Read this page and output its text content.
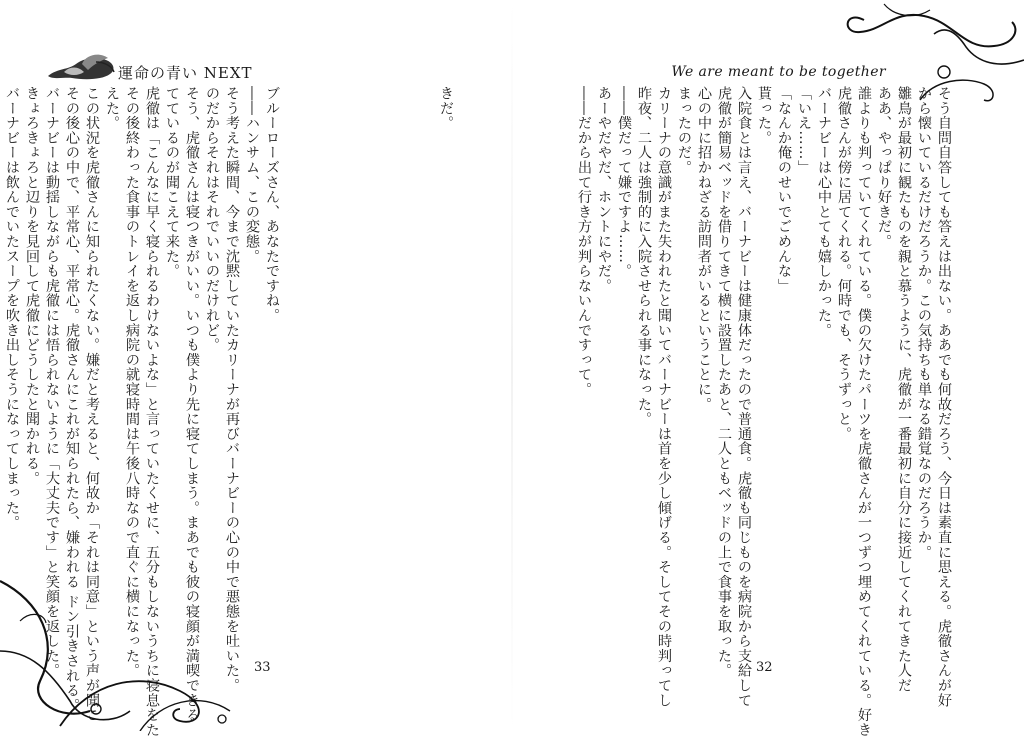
運命の青い NEXT
ブルーローズさん、あなたですね。
――ハンサム、この変態。
そう考えた瞬間、今まで沈黙していたカリーナが再びバーナビーの心の中で悪態を吐いた。
のだからそれはそれでいいのだけれど。
そう、虎徹さんは寝つきがいい。いつも僕より先に寝てしまう。まあでも彼の寝顔が満喫できる
てているのが聞こえて来た。
虎徹は「こんなに早く寝られるわけないよな」と言っていたくせに、五分もしないうちに寝息をた
その後終わった食事のトレイを返し病院の就寝時間は午後八時なので直ぐに横になった。
えた。
この状況を虎徹さんに知られたくない。嫌だと考えると、何故か「それは同意」という声が聞こ
その後心の中で、平常心、平常心。虎徹さんにこれが知られたら、嫌われる ドン引きされる。
バーナビーは動揺しながらも虎徹には悟られないように「大丈夫です」と笑顔を返した。
きょろきょろと辺りを見回して虎徹にどうしたと聞かれる。
バーナビーは飲んでいたスープを吹き出しそうになってしまった。

　	きだ。
33
We are meant to be together
そう自問自答しても答えは出ない。ああでも何故だろう、今日は素直に思える。虎徹さんが好
から懐いているだけだろうか。この気持ちも単なる錯覚なのだろうか。
雛鳥が最初に観たものを親と慕うように、虎徹が一番最初に自分に接近してくれてきた人だ
ああ、やっぱり好きだ。
誰よりも判っていてくれている。僕の欠けたパーツを虎徹さんが一つずつ埋めてくれている。好き
虎徹さんが傍に居てくれる。何時でも、そうずっと。
バーナビーは心中とても嬉しかった。
「いえ……」
「なんか俺のせいでごめんな」
貰った。
入院食とは言え、バーナビーは健康体だったので普通食。虎徹も同じものを病院から支給して
虎徹が簡易ベッドを借りてきて横に設置したあと、二人ともベッドの上で食事を取った。
心の中に招かねざる訪問者がいるということに。
まったのだ。
カリーナの意識がまた失われたと聞いてバーナビーは首を少し傾げる。そしてその時判ってし
昨夜、二人は強制的に入院させられる事になった。
――僕だって嫌ですよ……。
あーやだやだ、ホントにやだ。
――だから出て行き方が判らないんですって。
32
